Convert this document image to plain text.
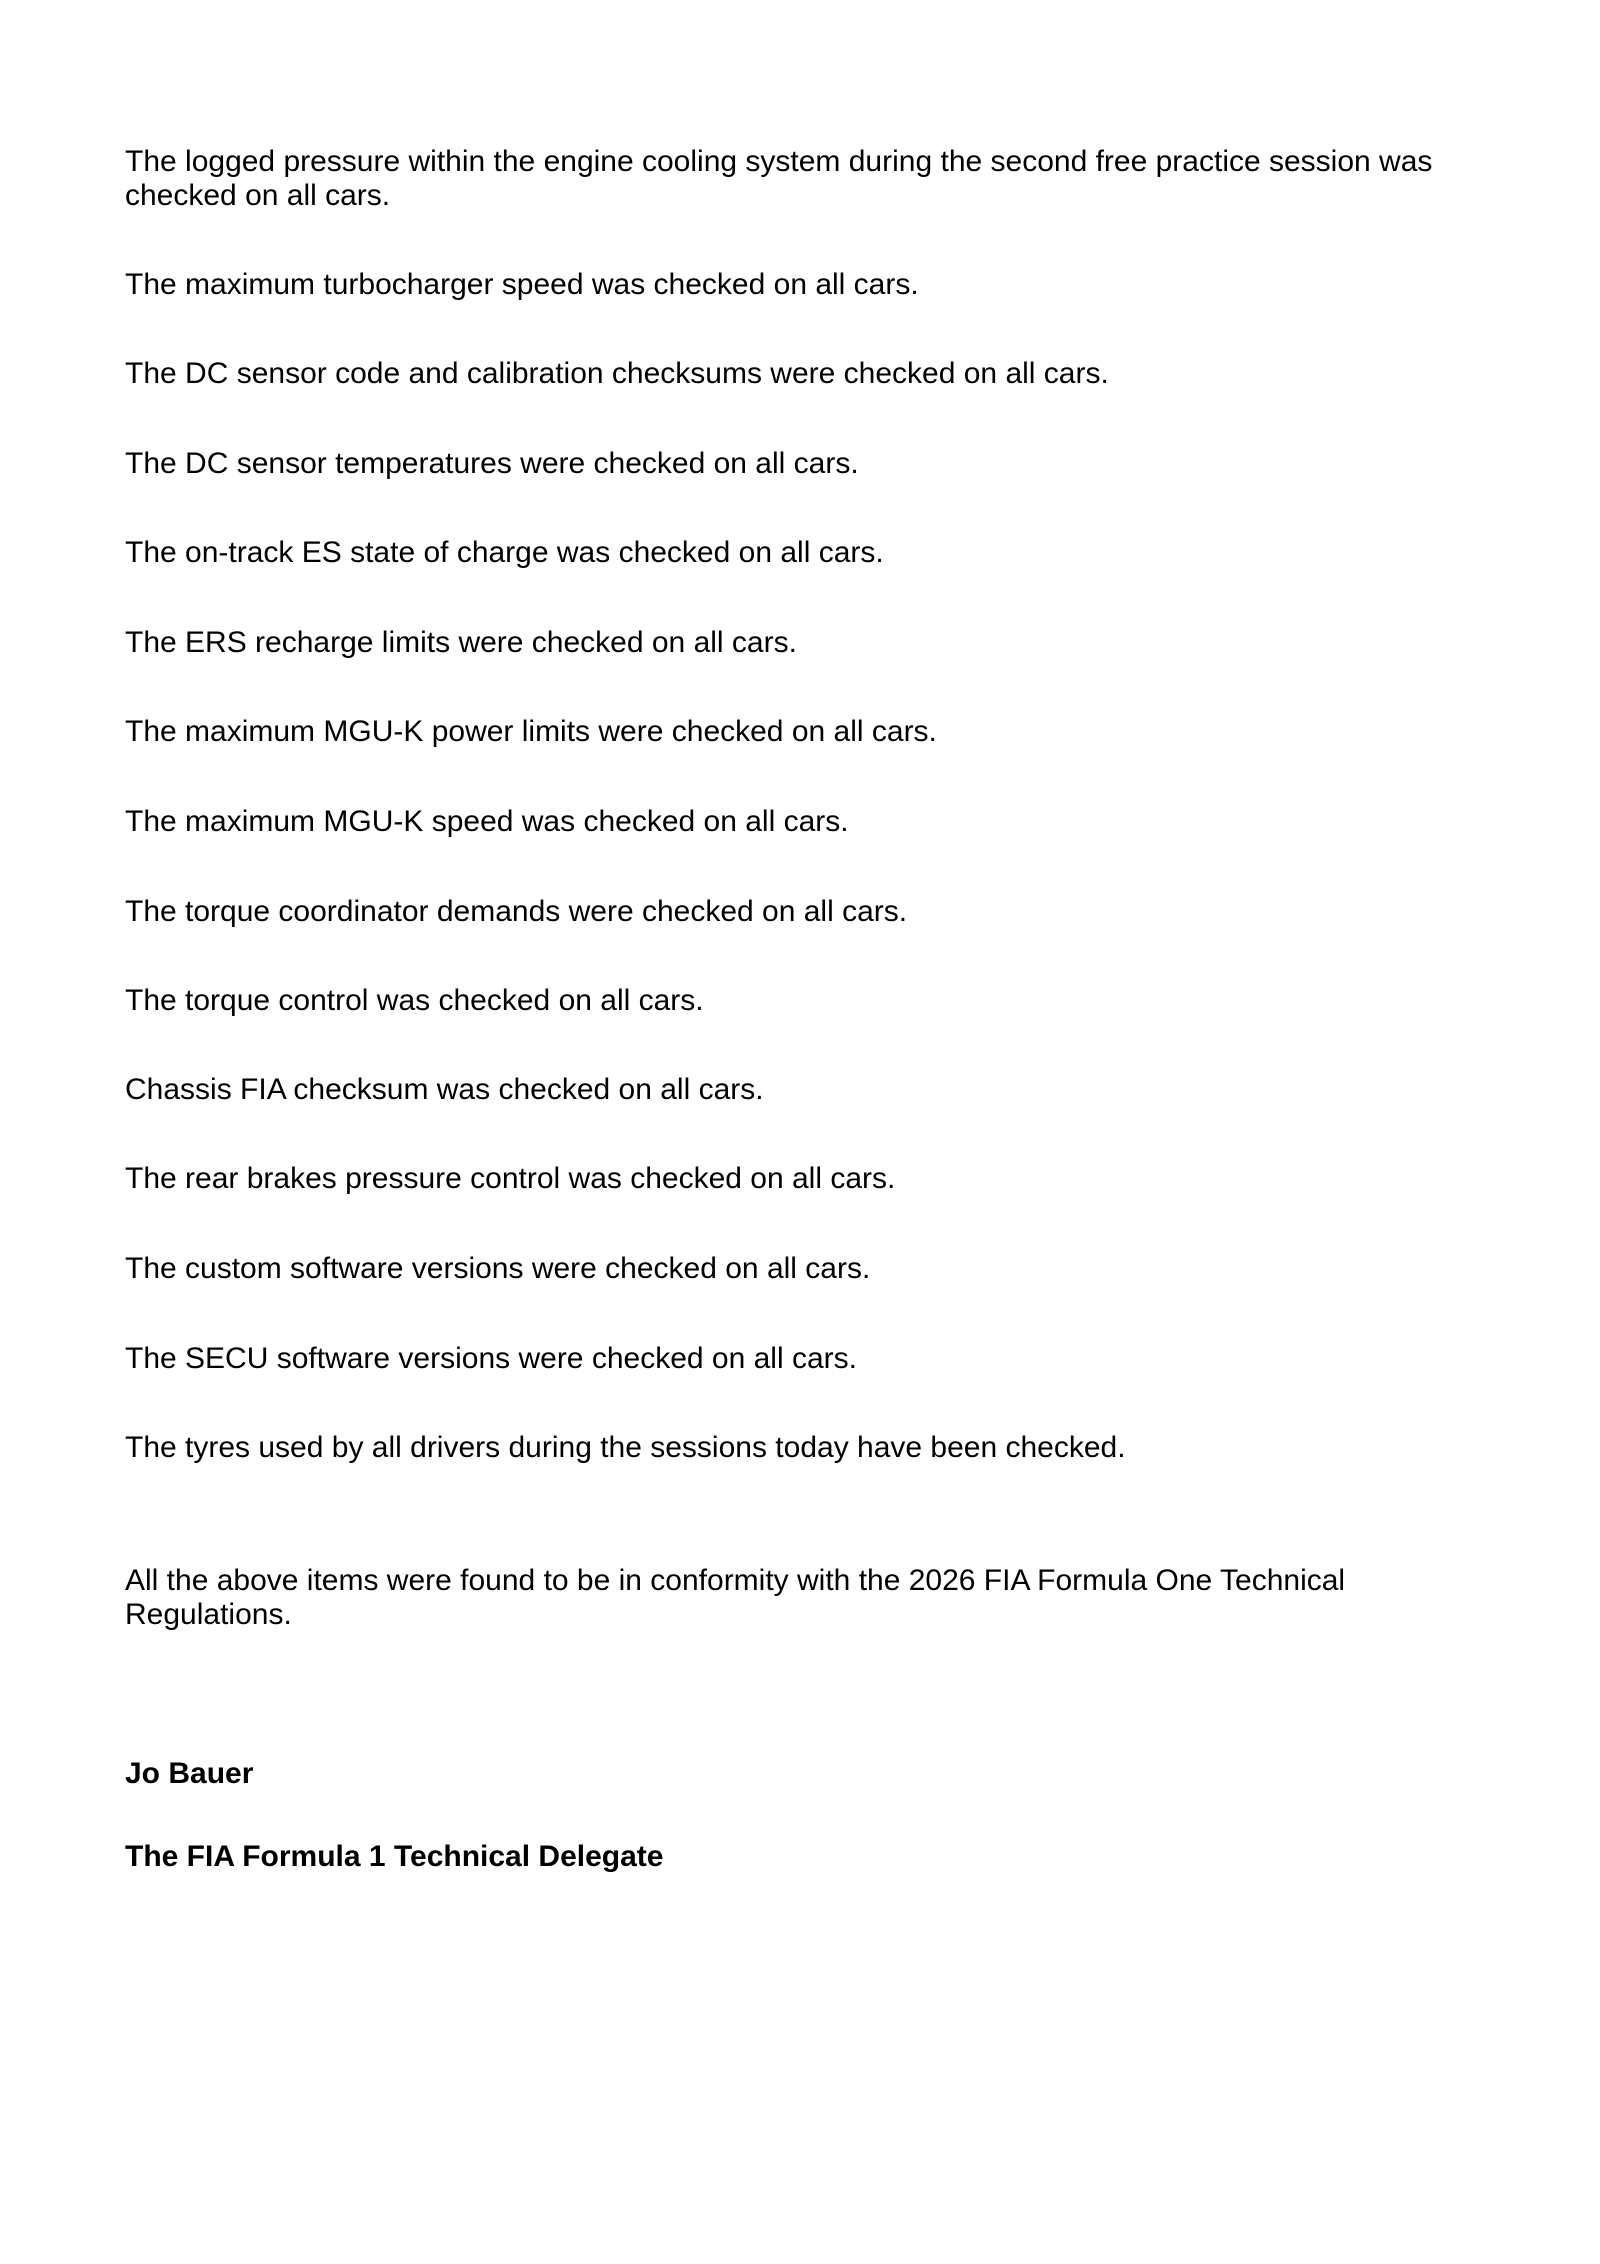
The logged pressure within the engine cooling system during the second free practice session was checked on all cars.

The maximum turbocharger speed was checked on all cars.

The DC sensor code and calibration checksums were checked on all cars.

The DC sensor temperatures were checked on all cars.

The on-track ES state of charge was checked on all cars.

The ERS recharge limits were checked on all cars.

The maximum MGU-K power limits were checked on all cars.

The maximum MGU-K speed was checked on all cars.

The torque coordinator demands were checked on all cars.

The torque control was checked on all cars.

Chassis FIA checksum was checked on all cars.

The rear brakes pressure control was checked on all cars.

The custom software versions were checked on all cars.

The SECU software versions were checked on all cars.

The tyres used by all drivers during the sessions today have been checked.

All the above items were found to be in conformity with the 2026 FIA Formula One Technical Regulations.

Jo Bauer

The FIA Formula 1 Technical Delegate
